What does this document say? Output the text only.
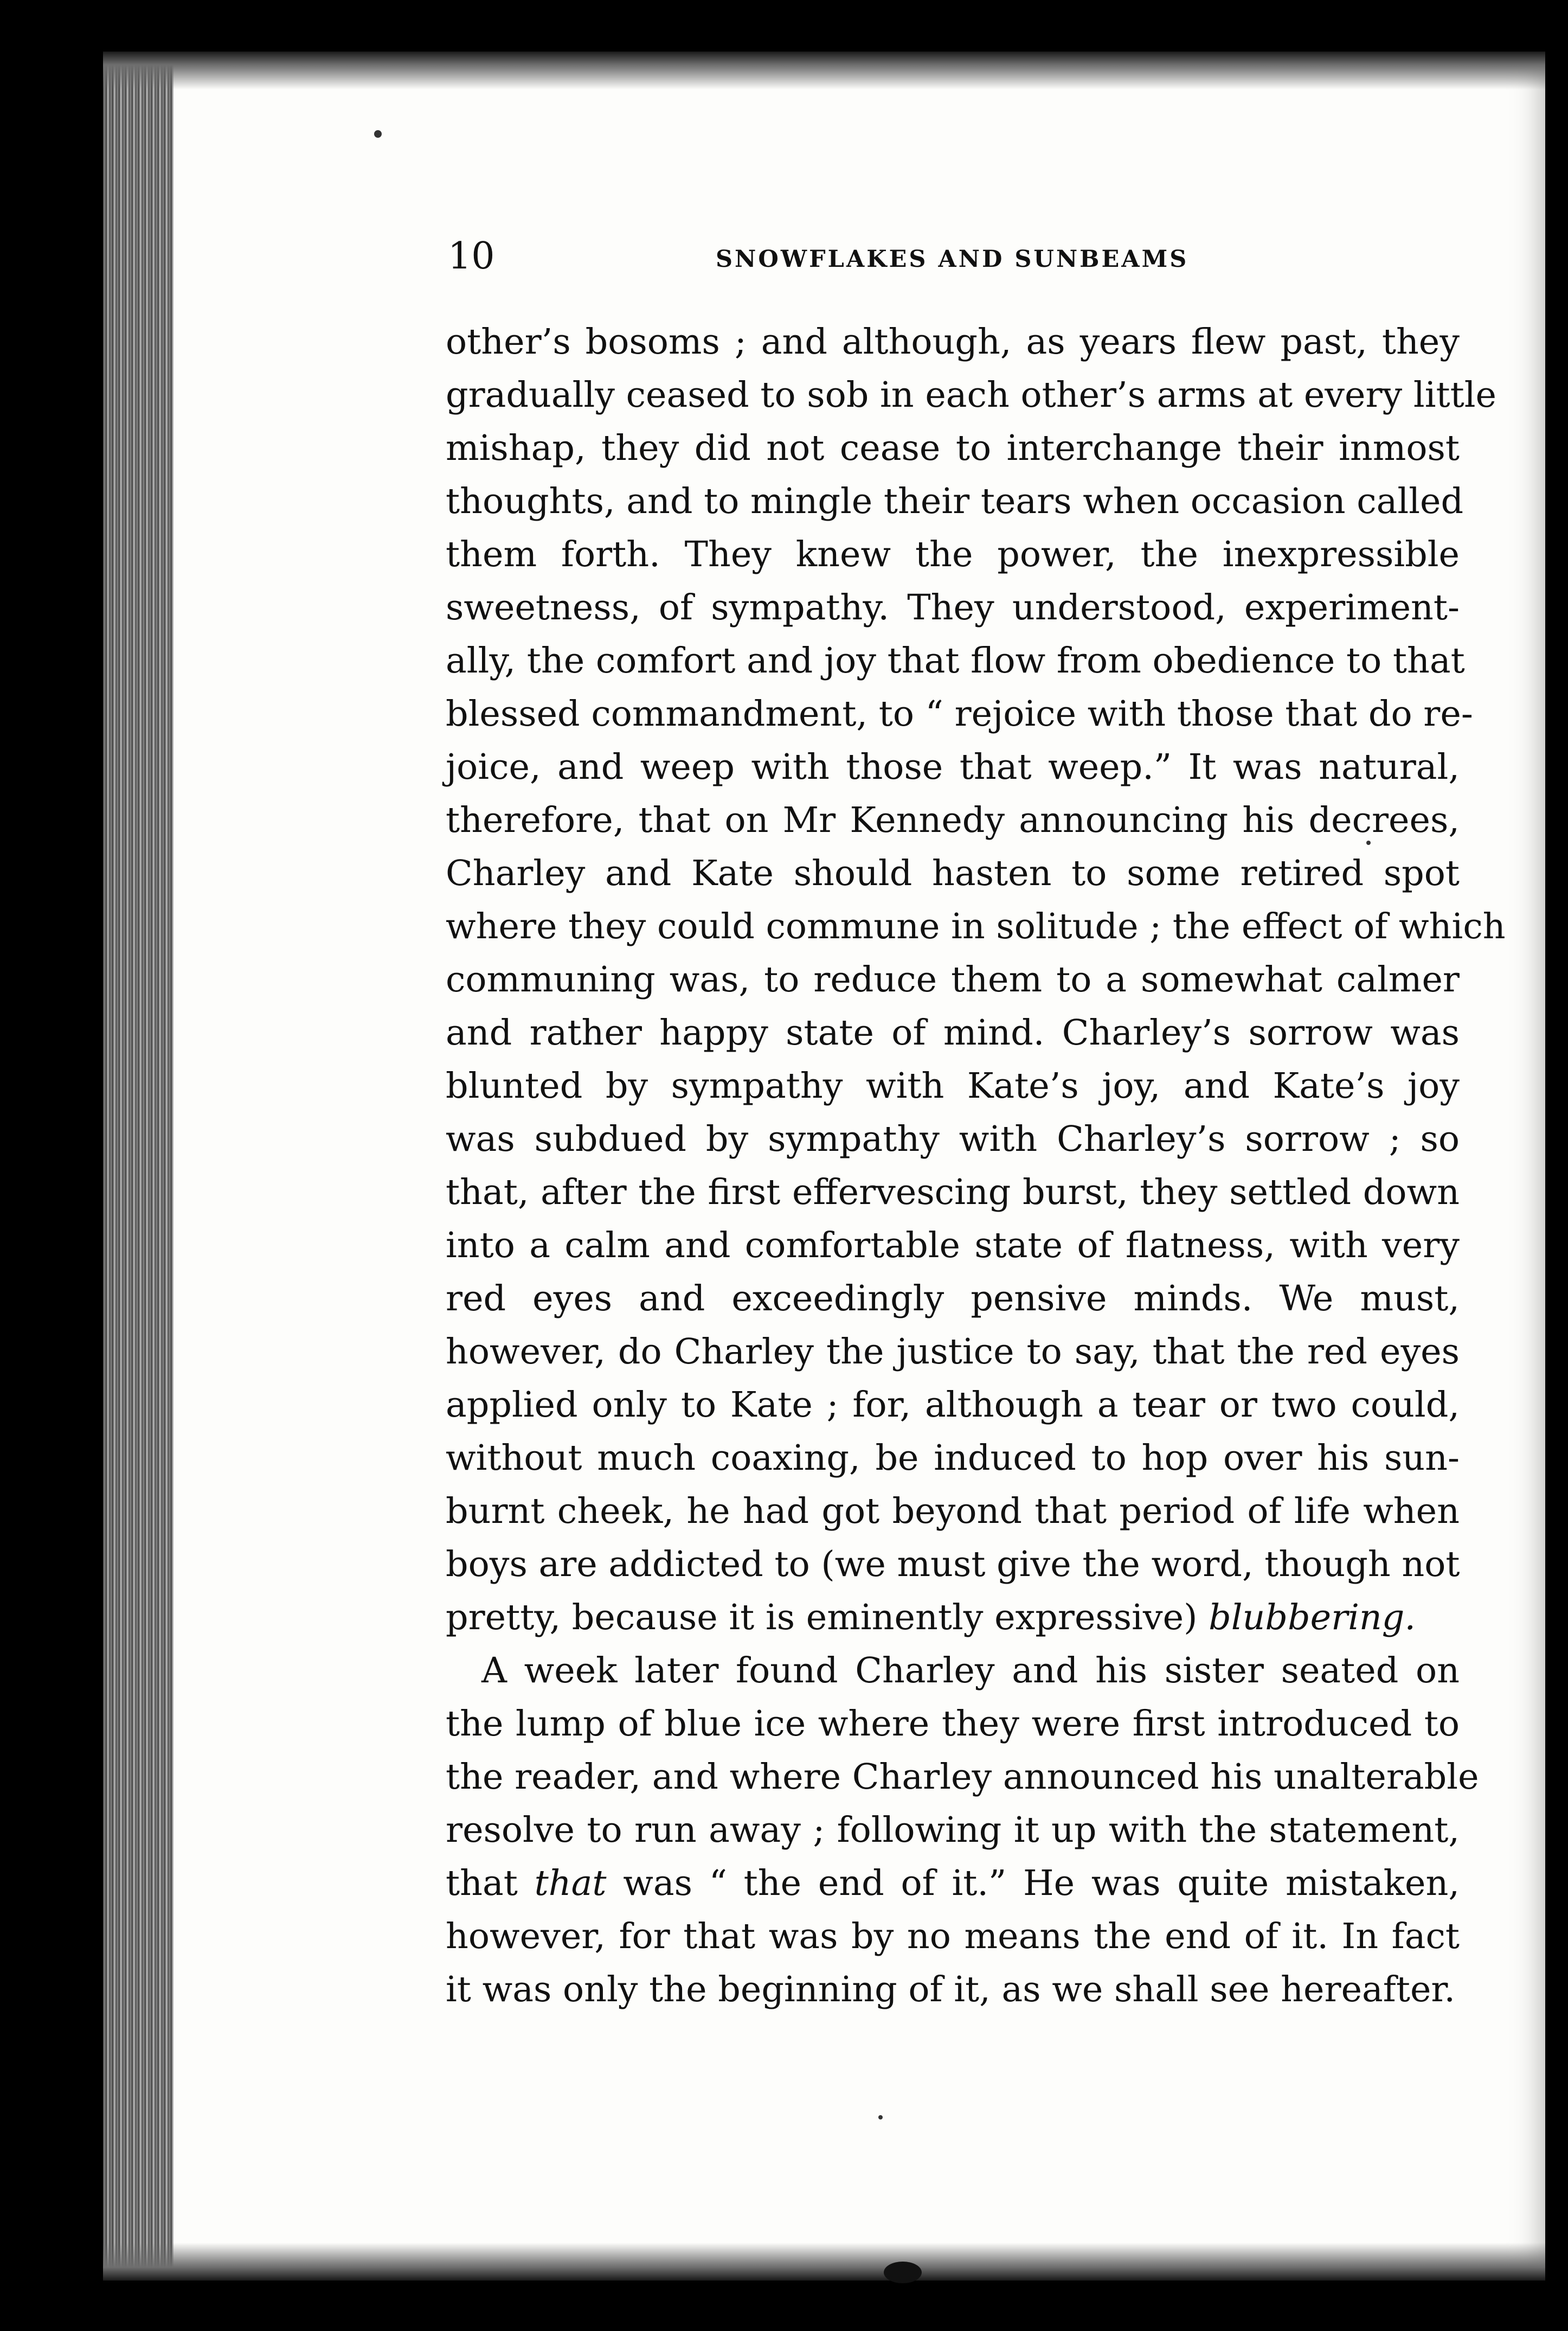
10	SNOWFLAKES AND SUNBEAMS
other’s bosoms ; and although, as years flew past, they
gradually ceased to sob in each other’s arms at every little
mishap, they did not cease to interchange their inmost
thoughts, and to mingle their tears when occasion called
them forth. They knew the power, the inexpressible
sweetness, of sympathy. They understood, experiment-
ally, the comfort and joy that flow from obedience to that
blessed commandment, to “ rejoice with those that do re-
joice, and weep with those that weep.” It was natural,
therefore, that on Mr Kennedy announcing his decrees,
Charley and Kate should hasten to some retired spot
where they could commune in solitude ; the effect of which
communing was, to reduce them to a somewhat calmer
and rather happy state of mind. Charley’s sorrow was
blunted by sympathy with Kate’s joy, and Kate’s joy
was subdued by sympathy with Charley’s sorrow ; so
that, after the first effervescing burst, they settled down
into a calm and comfortable state of flatness, with very
red eyes and exceedingly pensive minds. We must,
however, do Charley the justice to say, that the red eyes
applied only to Kate ; for, although a tear or two could,
without much coaxing, be induced to hop over his sun-
burnt cheek, he had got beyond that period of life when
boys are addicted to (we must give the word, though not
pretty, because it is eminently expressive) blubbering.
A week later found Charley and his sister seated on
the lump of blue ice where they were first introduced to
the reader, and where Charley announced his unalterable
resolve to run away ; following it up with the statement,
that that was “ the end of it.” He was quite mistaken,
however, for that was by no means the end of it. In fact
it was only the beginning of it, as we shall see hereafter.
